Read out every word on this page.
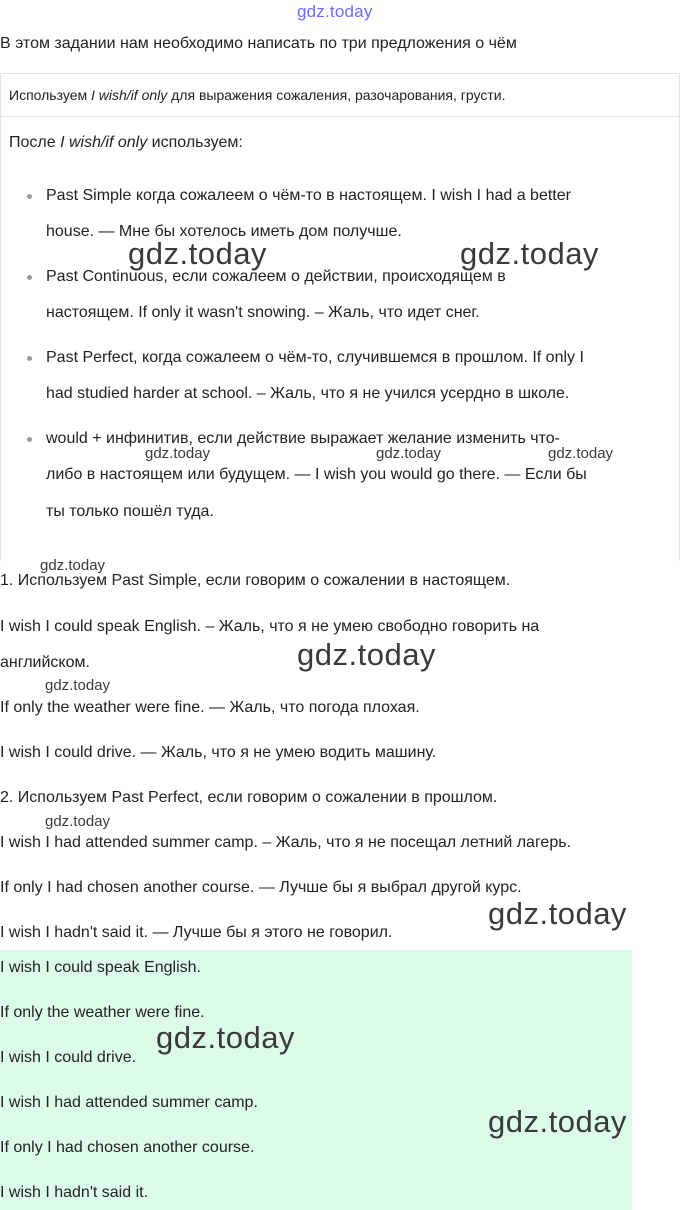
gdz.today
В этом задании нам необходимо написать по три предложения о чём
Используем I wish/if only для выражения сожаления, разочарования, грусти.
После I wish/if only используем:
Past Simple когда сожалеем о чём-то в настоящем. I wish I had a better
house. — Мне бы хотелось иметь дом получше.
Past Continuous, если сожалеем о действии, происходящем в
настоящем. If only it wasn't snowing. – Жаль, что идет снег.
Past Perfect, когда сожалеем о чём-то, случившемся в прошлом. If only I
had studied harder at school. – Жаль, что я не учился усердно в школе.
would + инфинитив, если действие выражает желание изменить что-
либо в настоящем или будущем. — I wish you would go there. — Если бы
ты только пошёл туда.
1. Используем Past Simple, если говорим о сожалении в настоящем.
I wish I could speak English. – Жаль, что я не умею свободно говорить на
английском.
If only the weather were fine. — Жаль, что погода плохая.
I wish I could drive. — Жаль, что я не умею водить машину.
2. Используем Past Perfect, если говорим о сожалении в прошлом.
I wish I had attended summer camp. – Жаль, что я не посещал летний лагерь.
If only I had chosen another course. — Лучше бы я выбрал другой курс.
I wish I hadn't said it. — Лучше бы я этого не говорил.
I wish I could speak English.
If only the weather were fine.
I wish I could drive.
I wish I had attended summer camp.
If only I had chosen another course.
I wish I hadn't said it.
gdz.today	gdz.today
gdz.today	gdz.today	gdz.today
gdz.today
gdz.today
gdz.today
gdz.today
gdz.today
gdz.today
gdz.today
